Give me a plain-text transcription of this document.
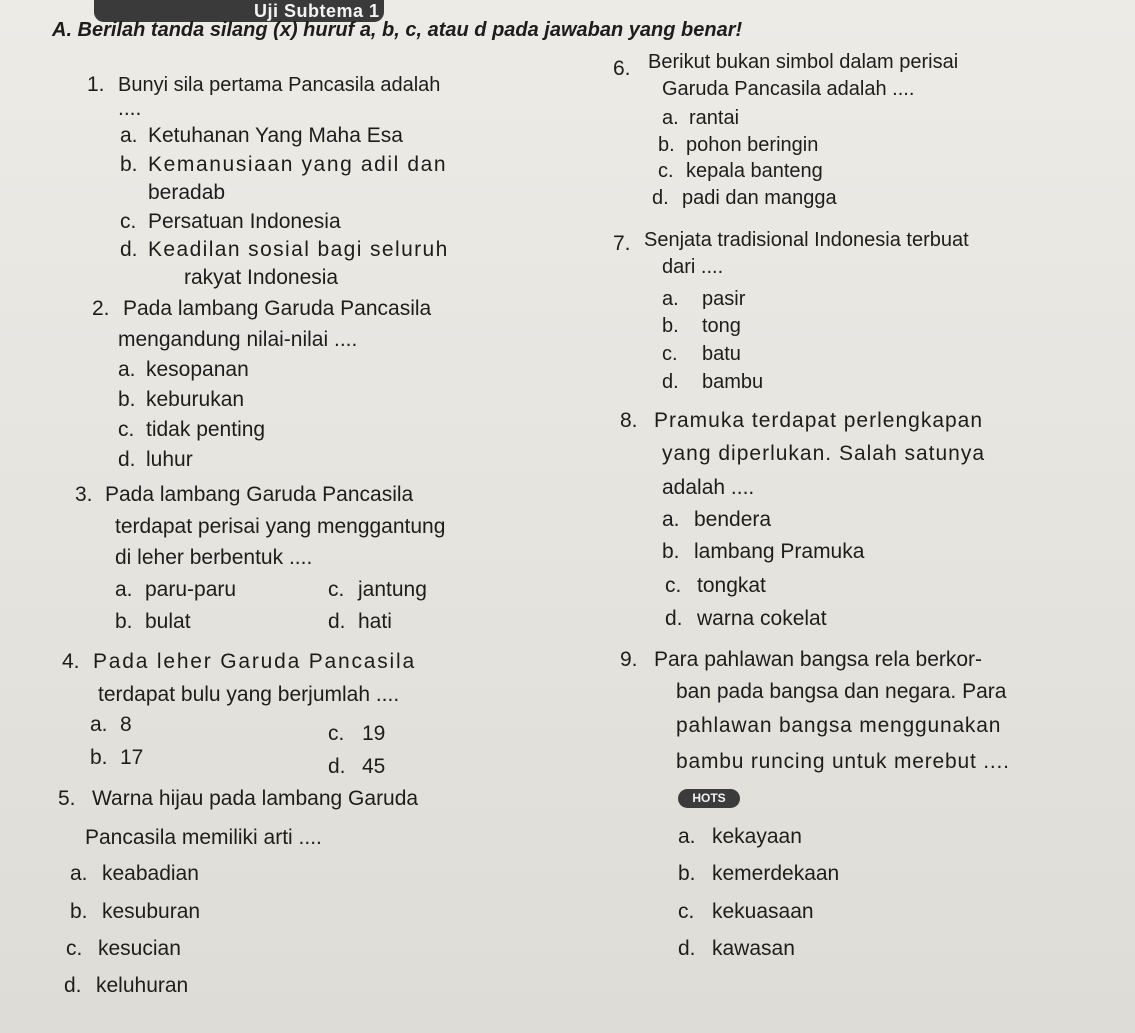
Uji Subtema 1
A. Berilah tanda silang (x) huruf a, b, c, atau d pada jawaban yang benar!
1. Bunyi sila pertama Pancasila adalah
....
a. Ketuhanan Yang Maha Esa
b. Kemanusiaan yang adil dan
beradab
c. Persatuan Indonesia
d. Keadilan sosial bagi seluruh
rakyat Indonesia
2. Pada lambang Garuda Pancasila
mengandung nilai-nilai ....
a. kesopanan
b. keburukan
c. tidak penting
d. luhur
3. Pada lambang Garuda Pancasila
terdapat perisai yang menggantung
di leher berbentuk ....
a. paru-paru	c. jantung
b. bulat	d. hati
4. Pada leher Garuda Pancasila
terdapat bulu yang berjumlah ....
a. 8	c. 19
b. 17	d. 45
5. Warna hijau pada lambang Garuda
Pancasila memiliki arti ....
a. keabadian
b. kesuburan
c. kesucian
d. keluhuran
6. Berikut bukan simbol dalam perisai
Garuda Pancasila adalah ....
a. rantai
b. pohon beringin
c. kepala banteng
d. padi dan mangga
7. Senjata tradisional Indonesia terbuat
dari ....
a. pasir
b. tong
c. batu
d. bambu
8. Pramuka terdapat perlengkapan
yang diperlukan. Salah satunya
adalah ....
a. bendera
b. lambang Pramuka
c. tongkat
d. warna cokelat
9. Para pahlawan bangsa rela berkor-
ban pada bangsa dan negara. Para
pahlawan bangsa menggunakan
bambu runcing untuk merebut ....
HOTS
a. kekayaan
b. kemerdekaan
c. kekuasaan
d. kawasan
